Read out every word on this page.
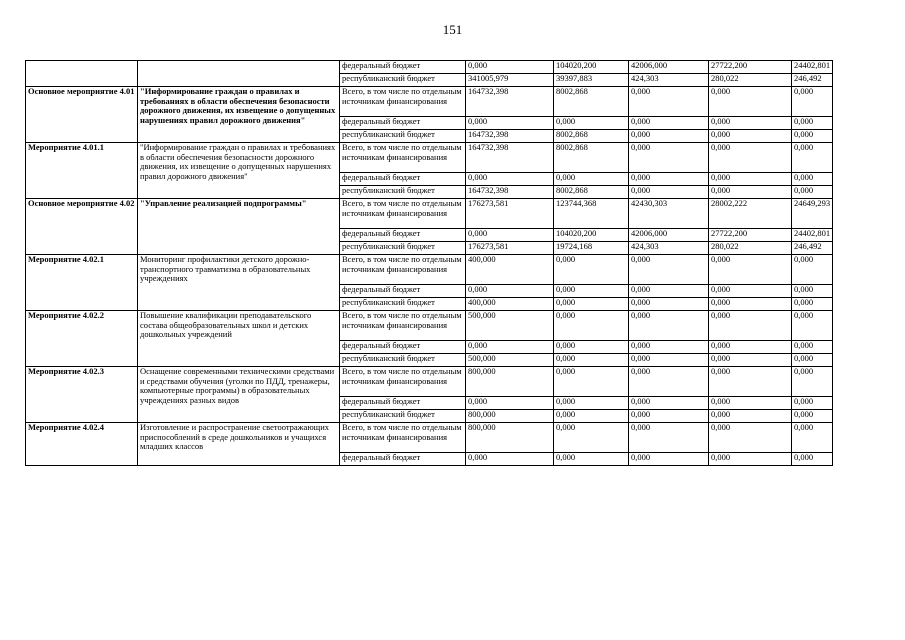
151
		федеральный бюджет	0,000	104020,200	42006,000	27722,200	24402,801	
		республиканский бюджет	341005,979	39397,883	424,303	280,022	246,492	
Основное мероприятие 4.01	"Информирование граждан о правилах и требованиях в области обеспечения безопасности дорожного движения, их извещение о допущенных нарушениях правил дорожного движения"	Всего, в том числе по отдельным источникам финансирования	164732,398	8002,868	0,000	0,000	0,000	
		федеральный бюджет	0,000	0,000	0,000	0,000	0,000	
		республиканский бюджет	164732,398	8002,868	0,000	0,000	0,000	
Мероприятие 4.01.1	"Информирование граждан о правилах и требованиях в области обеспечения безопасности дорожного движения, их извещение о допущенных нарушениях правил дорожного движения"	Всего, в том числе по отдельным источникам финансирования	164732,398	8002,868	0,000	0,000	0,000	
		федеральный бюджет	0,000	0,000	0,000	0,000	0,000	
		республиканский бюджет	164732,398	8002,868	0,000	0,000	0,000	
Основное мероприятие 4.02	"Управление реализацией подпрограммы"	Всего, в том числе по отдельным источникам финансирования	176273,581	123744,368	42430,303	28002,222	24649,293	
		федеральный бюджет	0,000	104020,200	42006,000	27722,200	24402,801	
		республиканский бюджет	176273,581	19724,168	424,303	280,022	246,492	
Мероприятие 4.02.1	Мониторинг профилактики детского дорожно-транспортного травматизма в образовательных учреждениях	Всего, в том числе по отдельным источникам финансирования	400,000	0,000	0,000	0,000	0,000	
		федеральный бюджет	0,000	0,000	0,000	0,000	0,000	
		республиканский бюджет	400,000	0,000	0,000	0,000	0,000	
Мероприятие 4.02.2	Повышение квалификации преподавательского состава общеобразовательных школ и детских дошкольных учреждений	Всего, в том числе по отдельным источникам финансирования	500,000	0,000	0,000	0,000	0,000	
		федеральный бюджет	0,000	0,000	0,000	0,000	0,000	
		республиканский бюджет	500,000	0,000	0,000	0,000	0,000	
Мероприятие 4.02.3	Оснащение современными техническими средствами и средствами обучения (уголки по ПДД, тренажеры, компьютерные программы) в образовательных учреждениях разных видов	Всего, в том числе по отдельным источникам финансирования	800,000	0,000	0,000	0,000	0,000	
		федеральный бюджет	0,000	0,000	0,000	0,000	0,000	
		республиканский бюджет	800,000	0,000	0,000	0,000	0,000	
Мероприятие 4.02.4	Изготовление и распространение светоотражающих приспособлений в среде дошкольников и учащихся младших классов	Всего, в том числе по отдельным источникам финансирования	800,000	0,000	0,000	0,000	0,000	
		федеральный бюджет	0,000	0,000	0,000	0,000	0,000	
